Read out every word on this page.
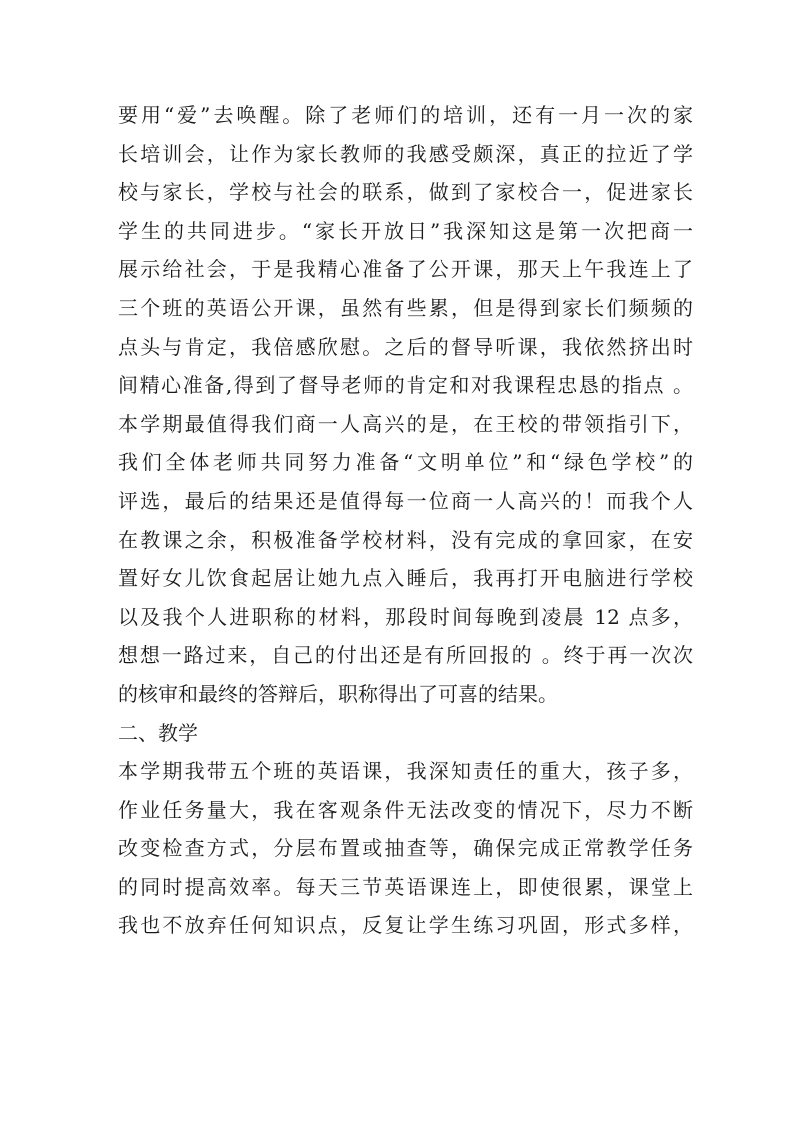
要用“爱”去唤醒。除了老师们的培训，还有一月一次的家
长培训会，让作为家长教师的我感受颇深，真正的拉近了学
校与家长，学校与社会的联系，做到了家校合一，促进家长
学生的共同进步。“家长开放日”我深知这是第一次把商一
展示给社会，于是我精心准备了公开课，那天上午我连上了
三个班的英语公开课，虽然有些累，但是得到家长们频频的
点头与肯定，我倍感欣慰。之后的督导听课，我依然挤出时
间精心准备,得到了督导老师的肯定和对我课程忠恳的指点 。
本学期最值得我们商一人高兴的是，在王校的带领指引下，
我们全体老师共同努力准备“文明单位”和“绿色学校”的
评选，最后的结果还是值得每一位商一人高兴的！而我个人
在教课之余，积极准备学校材料，没有完成的拿回家，在安
置好女儿饮食起居让她九点入睡后，我再打开电脑进行学校
以及我个人进职称的材料，那段时间每晚到凌晨 12 点多，
想想一路过来，自己的付出还是有所回报的 。终于再一次次
的核审和最终的答辩后，职称得出了可喜的结果。
二、教学
本学期我带五个班的英语课，我深知责任的重大，孩子多，
作业任务量大，我在客观条件无法改变的情况下，尽力不断
改变检查方式，分层布置或抽查等，确保完成正常教学任务
的同时提高效率。每天三节英语课连上，即使很累，课堂上
我也不放弃任何知识点，反复让学生练习巩固，形式多样，
